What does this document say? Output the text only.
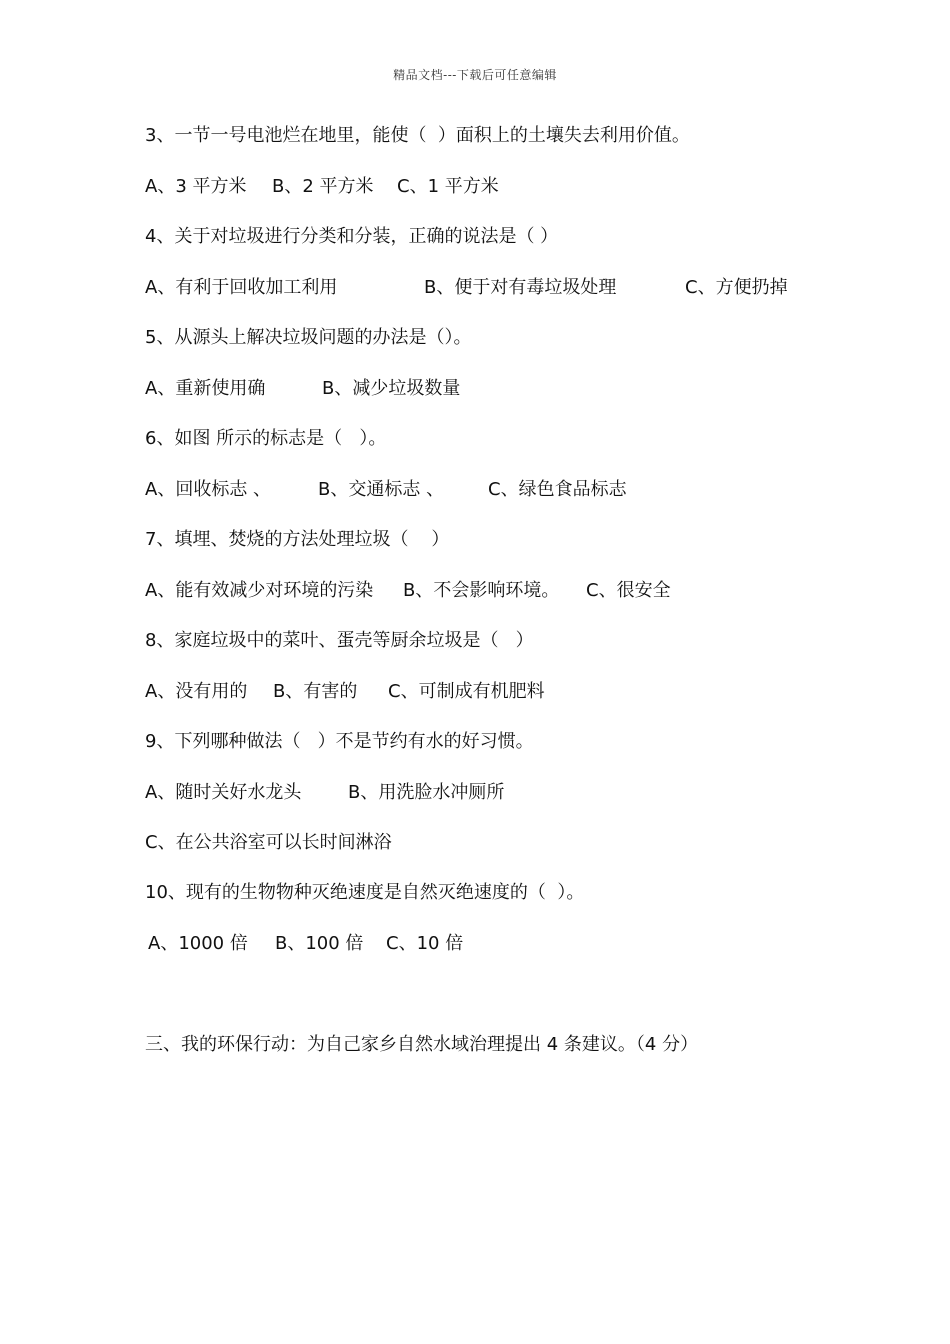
精品文档---下载后可任意编辑
3、一节一号电池烂在地里，能使（  ）面积上的土壤失去利用价值。
A、3 平方米 B、2 平方米 C、1 平方米
4、关于对垃圾进行分类和分装，正确的说法是（ ）
A、有利于回收加工利用	B、便于对有毒垃圾处理	C、方便扔掉
5、从源头上解决垃圾问题的办法是（）。
A、重新使用确	B、减少垃圾数量
6、如图 所示的标志是（   ）。
A、回收标志 、	B、交通标志 、 C、绿色食品标志
7、填埋、焚烧的方法处理垃圾（    ）
A、能有效减少对环境的污染 B、不会影响环境。 C、很安全
8、家庭垃圾中的菜叶、蛋壳等厨余垃圾是（   ）
A、没有用的 B、有害的 C、可制成有机肥料
9、下列哪种做法（   ）不是节约有水的好习惯。
A、随时关好水龙头	B、用洗脸水冲厕所
C、在公共浴室可以长时间淋浴
10、现有的生物物种灭绝速度是自然灭绝速度的（  ）。
A、1000 倍 B、100 倍 C、10 倍
三、我的环保行动：为自己家乡自然水域治理提出 4 条建议。（4 分）
